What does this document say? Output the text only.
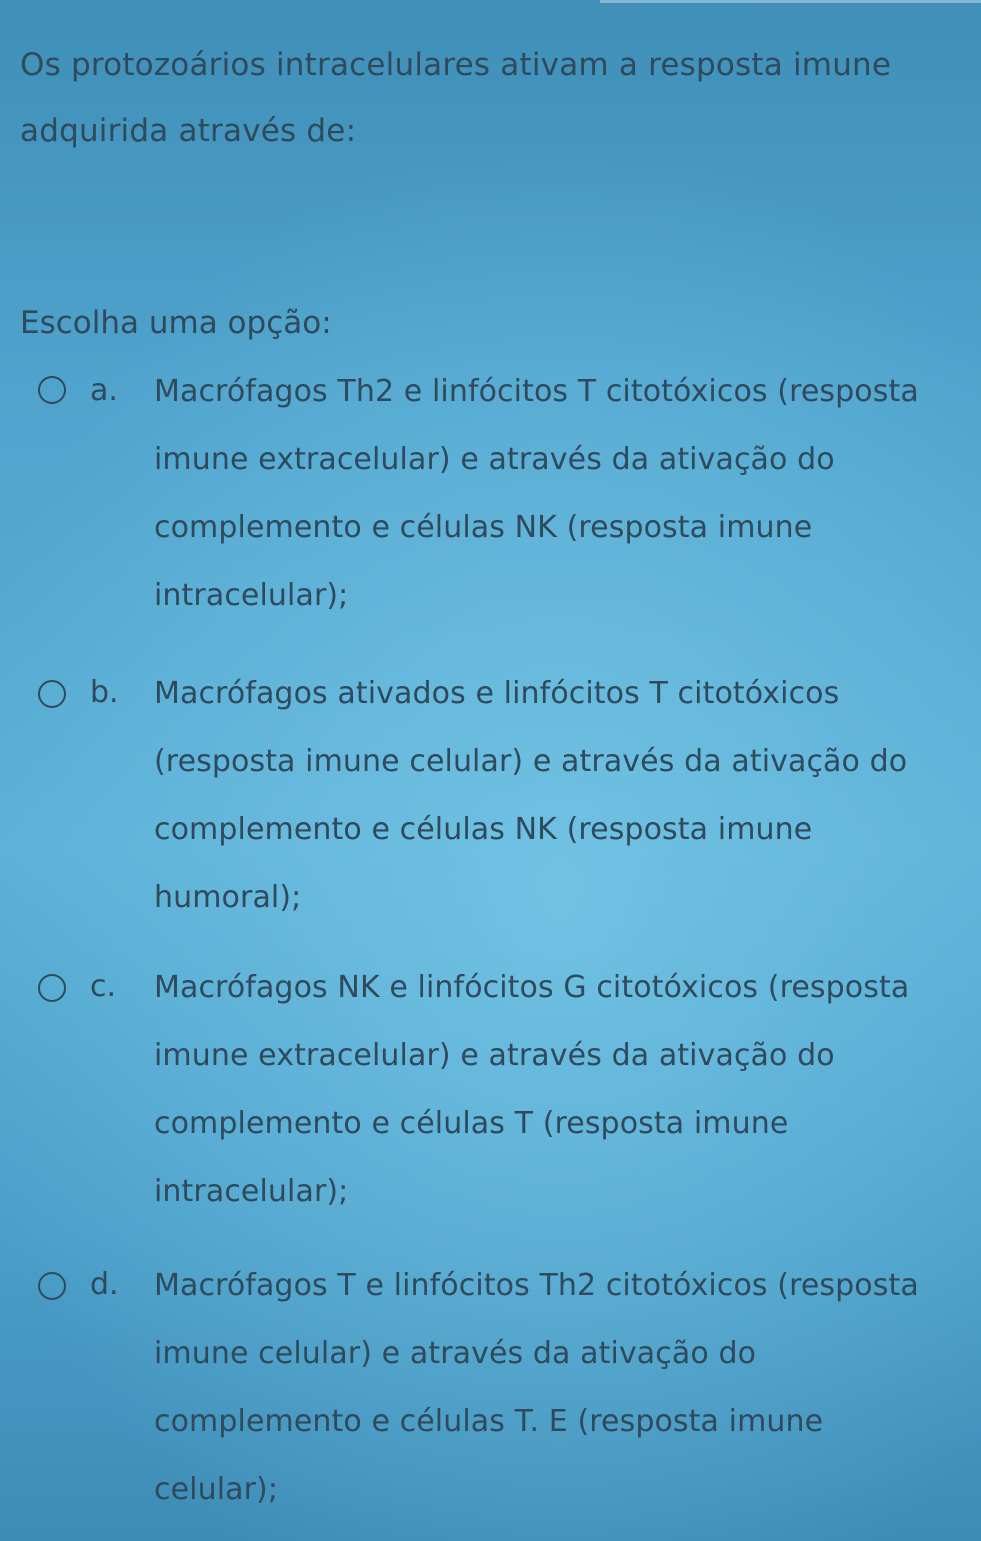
Os protozoários intracelulares ativam a resposta imune adquirida através de:
Escolha uma opção:
a. Macrófagos Th2 e linfócitos T citotóxicos (resposta imune extracelular) e através da ativação do complemento e células NK (resposta imune intracelular);
b. Macrófagos ativados e linfócitos T citotóxicos (resposta imune celular) e através da ativação do complemento e células NK (resposta imune humoral);
c. Macrófagos NK e linfócitos G citotóxicos (resposta imune extracelular) e através da ativação do complemento e células T (resposta imune intracelular);
d. Macrófagos T e linfócitos Th2 citotóxicos (resposta imune celular) e através da ativação do complemento e células T. E (resposta imune celular);
